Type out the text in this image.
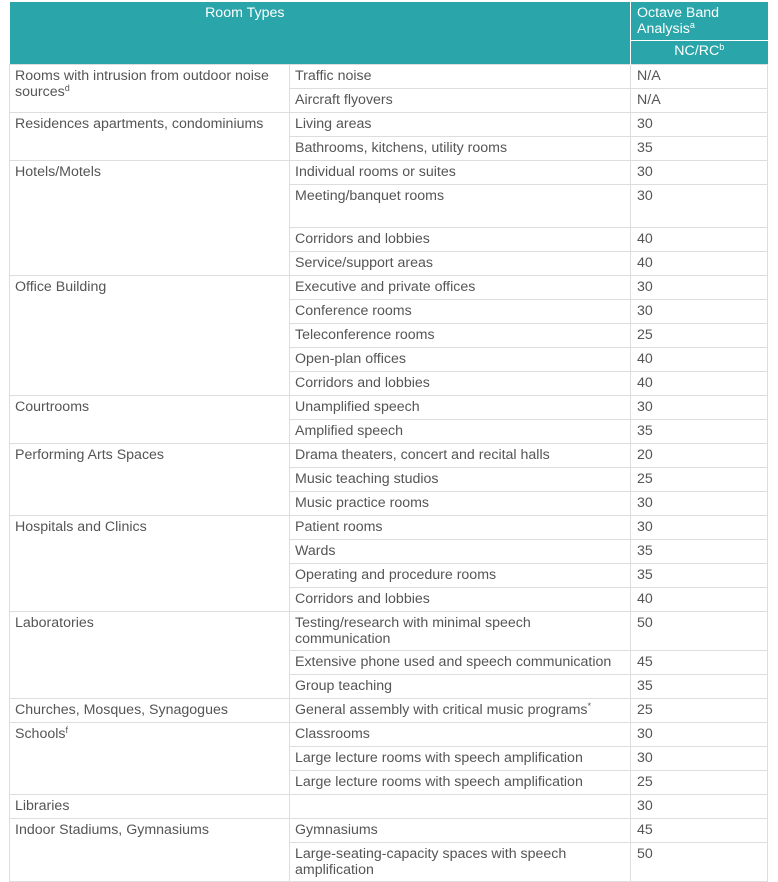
Room Types		Octave Band Analysis$^a$
		$NC/RC^b$
Rooms with intrusion from outdoor noise sources$^d$	Traffic noise	N/A
	Aircraft flyovers	N/A
Residences apartments, condominiums	Living areas	30
	Bathrooms, kitchens, utility rooms	35
Hotels/Motels	Individual rooms or suites	30
	Meeting/banquet rooms	30
	Corridors and lobbies	40
	Service/support areas	40
Office Building	Executive and private offices	30
	Conference rooms	30
	Teleconference rooms	25
	Open-plan offices	40
	Corridors and lobbies	40
Courtrooms	Unamplified speech	30
	Amplified speech	35
Performing Arts Spaces	Drama theaters, concert and recital halls	20
	Music teaching studios	25
	Music practice rooms	30
Hospitals and Clinics	Patient rooms	30
	Wards	35
	Operating and procedure rooms	35
	Corridors and lobbies	40
Laboratories	Testing/research with minimal speech communication	50
	Extensive phone used and speech communication	45
	Group teaching	35
Churches, Mosques, Synagogues	General assembly with critical music programs*	25
Schools$^f$	Classrooms	30
	Large lecture rooms with speech amplification	30
	Large lecture rooms with speech amplification	25
Libraries		30
Indoor Stadiums, Gymnasiums	Gymnasiums	45
	Large-seating-capacity spaces with speech amplification	50
